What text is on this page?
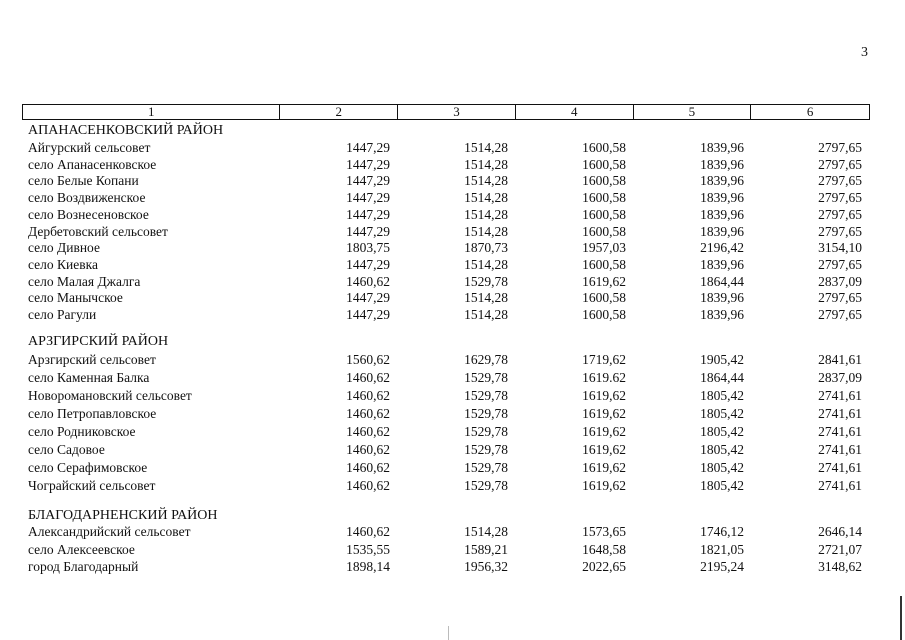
3
1	2	3	4	5	6
АПАНАСЕНКОВСКИЙ РАЙОН
Айгурский сельсовет	1447,29	1514,28	1600,58	1839,96	2797,65
село Апанасенковское	1447,29	1514,28	1600,58	1839,96	2797,65
село Белые Копани	1447,29	1514,28	1600,58	1839,96	2797,65
село Воздвиженское	1447,29	1514,28	1600,58	1839,96	2797,65
село Вознесеновское	1447,29	1514,28	1600,58	1839,96	2797,65
Дербетовский сельсовет	1447,29	1514,28	1600,58	1839,96	2797,65
село Дивное	1803,75	1870,73	1957,03	2196,42	3154,10
село Киевка	1447,29	1514,28	1600,58	1839,96	2797,65
село Малая Джалга	1460,62	1529,78	1619,62	1864,44	2837,09
село Манычское	1447,29	1514,28	1600,58	1839,96	2797,65
село Рагули	1447,29	1514,28	1600,58	1839,96	2797,65
АРЗГИРСКИЙ РАЙОН
Арзгирский сельсовет	1560,62	1629,78	1719,62	1905,42	2841,61
село Каменная Балка	1460,62	1529,78	1619.62	1864,44	2837,09
Новоромановский сельсовет	1460,62	1529,78	1619,62	1805,42	2741,61
село Петропавловское	1460,62	1529,78	1619,62	1805,42	2741,61
село Родниковское	1460,62	1529,78	1619,62	1805,42	2741,61
село Садовое	1460,62	1529,78	1619,62	1805,42	2741,61
село Серафимовское	1460,62	1529,78	1619,62	1805,42	2741,61
Чограйский сельсовет	1460,62	1529,78	1619,62	1805,42	2741,61
БЛАГОДАРНЕНСКИЙ РАЙОН
Александрийский сельсовет	1460,62	1514,28	1573,65	1746,12	2646,14
село Алексеевское	1535,55	1589,21	1648,58	1821,05	2721,07
город Благодарный	1898,14	1956,32	2022,65	2195,24	3148,62
